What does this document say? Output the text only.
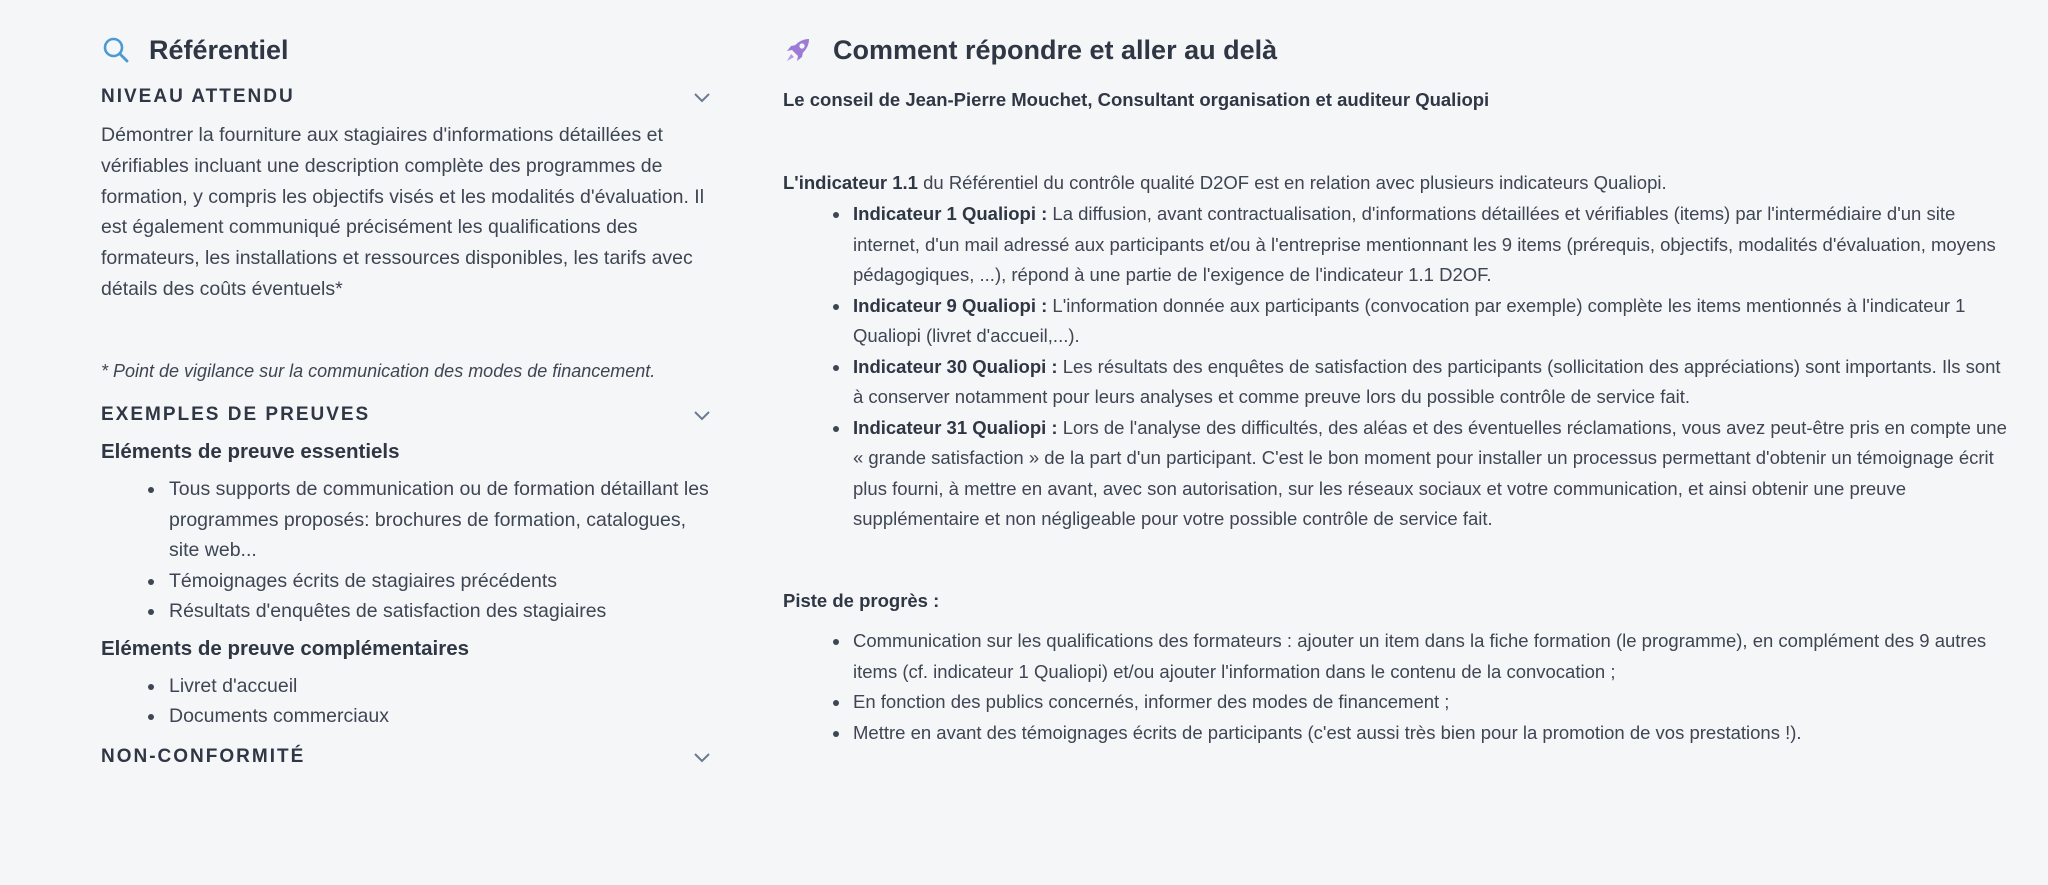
Référentiel
NIVEAU ATTENDU

Démontrer la fourniture aux stagiaires d'informations détaillées et vérifiables incluant une description complète des programmes de formation, y compris les objectifs visés et les modalités d'évaluation. Il est également communiqué précisément les qualifications des formateurs, les installations et ressources disponibles, les tarifs avec détails des coûts éventuels*

* Point de vigilance sur la communication des modes de financement.

EXEMPLES DE PREUVES
Eléments de preuve essentiels
Tous supports de communication ou de formation détaillant les programmes proposés: brochures de formation, catalogues, site web...
Témoignages écrits de stagiaires précédents
Résultats d'enquêtes de satisfaction des stagiaires
Eléments de preuve complémentaires
Livret d'accueil
Documents commerciaux
NON-CONFORMITÉ
Comment répondre et aller au delà

Le conseil de Jean-Pierre Mouchet, Consultant organisation et auditeur Qualiopi

L'indicateur 1.1 du Référentiel du contrôle qualité D2OF est en relation avec plusieurs indicateurs Qualiopi.

Indicateur 1 Qualiopi : La diffusion, avant contractualisation, d'informations détaillées et vérifiables (items) par l'intermédiaire d'un site internet, d'un mail adressé aux participants et/ou à l'entreprise mentionnant les 9 items (prérequis, objectifs, modalités d'évaluation, moyens pédagogiques, ...), répond à une partie de l'exigence de l'indicateur 1.1 D2OF.
Indicateur 9 Qualiopi : L'information donnée aux participants (convocation par exemple) complète les items mentionnés à l'indicateur 1 Qualiopi (livret d'accueil,...).
Indicateur 30 Qualiopi : Les résultats des enquêtes de satisfaction des participants (sollicitation des appréciations) sont importants. Ils sont à conserver notamment pour leurs analyses et comme preuve lors du possible contrôle de service fait.
Indicateur 31 Qualiopi : Lors de l'analyse des difficultés, des aléas et des éventuelles réclamations, vous avez peut-être pris en compte une « grande satisfaction » de la part d'un participant. C'est le bon moment pour installer un processus permettant d'obtenir un témoignage écrit plus fourni, à mettre en avant, avec son autorisation, sur les réseaux sociaux et votre communication, et ainsi obtenir une preuve supplémentaire et non négligeable pour votre possible contrôle de service fait.

Piste de progrès :

Communication sur les qualifications des formateurs : ajouter un item dans la fiche formation (le programme), en complément des 9 autres items (cf. indicateur 1 Qualiopi) et/ou ajouter l'information dans le contenu de la convocation ;
En fonction des publics concernés, informer des modes de financement ;
Mettre en avant des témoignages écrits de participants (c'est aussi très bien pour la promotion de vos prestations !).
